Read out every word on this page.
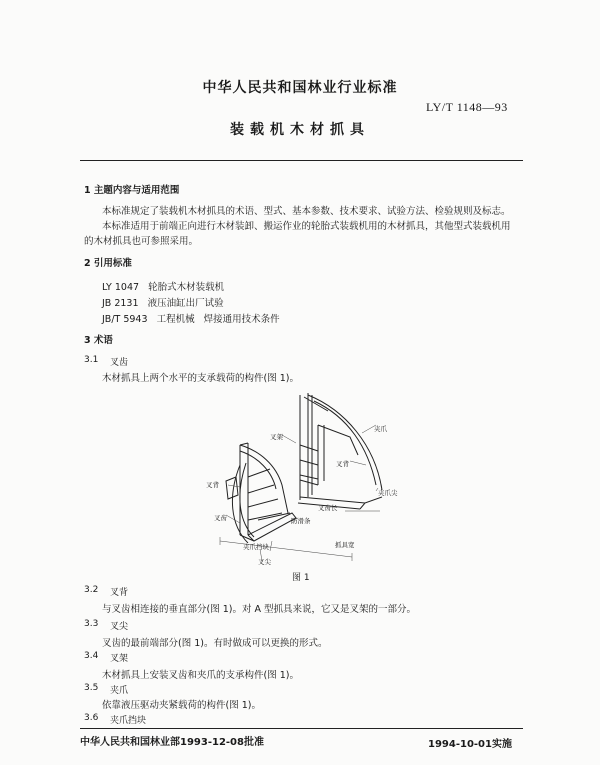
中华人民共和国林业行业标准
LY/T 1148—93
装载机木材抓具
1 主题内容与适用范围
本标准规定了装载机木材抓具的术语、型式、基本参数、技术要求、试验方法、检验规则及标志。
本标准适用于前端正向进行木材装卸、搬运作业的轮胎式装载机用的木材抓具，其他型式装载机用
的木材抓具也可参照采用。
2 引用标准
LY 1047   轮胎式木材装载机
JB 2131   液压油缸出厂试验
JB/T 5943   工程机械   焊接通用技术条件
3 术语
3.1 叉齿
木材抓具上两个水平的支承载荷的构件(图 1)。
叉架
夹爪
叉背
夹爪尖
叉背
叉齿长
叉齿	防滑条
夹爪挡块	抓具宽
叉尖
图 1
3.2 叉背
与叉齿相连接的垂直部分(图 1)。对 A 型抓具来说，它又是叉架的一部分。
3.3 叉尖
叉齿的最前端部分(图 1)。有时做成可以更换的形式。
3.4 叉架
木材抓具上安装叉齿和夹爪的支承构件(图 1)。
3.5 夹爪
依靠液压驱动夹紧载荷的构件(图 1)。
3.6 夹爪挡块
中华人民共和国林业部1993-12-08批准	1994-10-01实施
